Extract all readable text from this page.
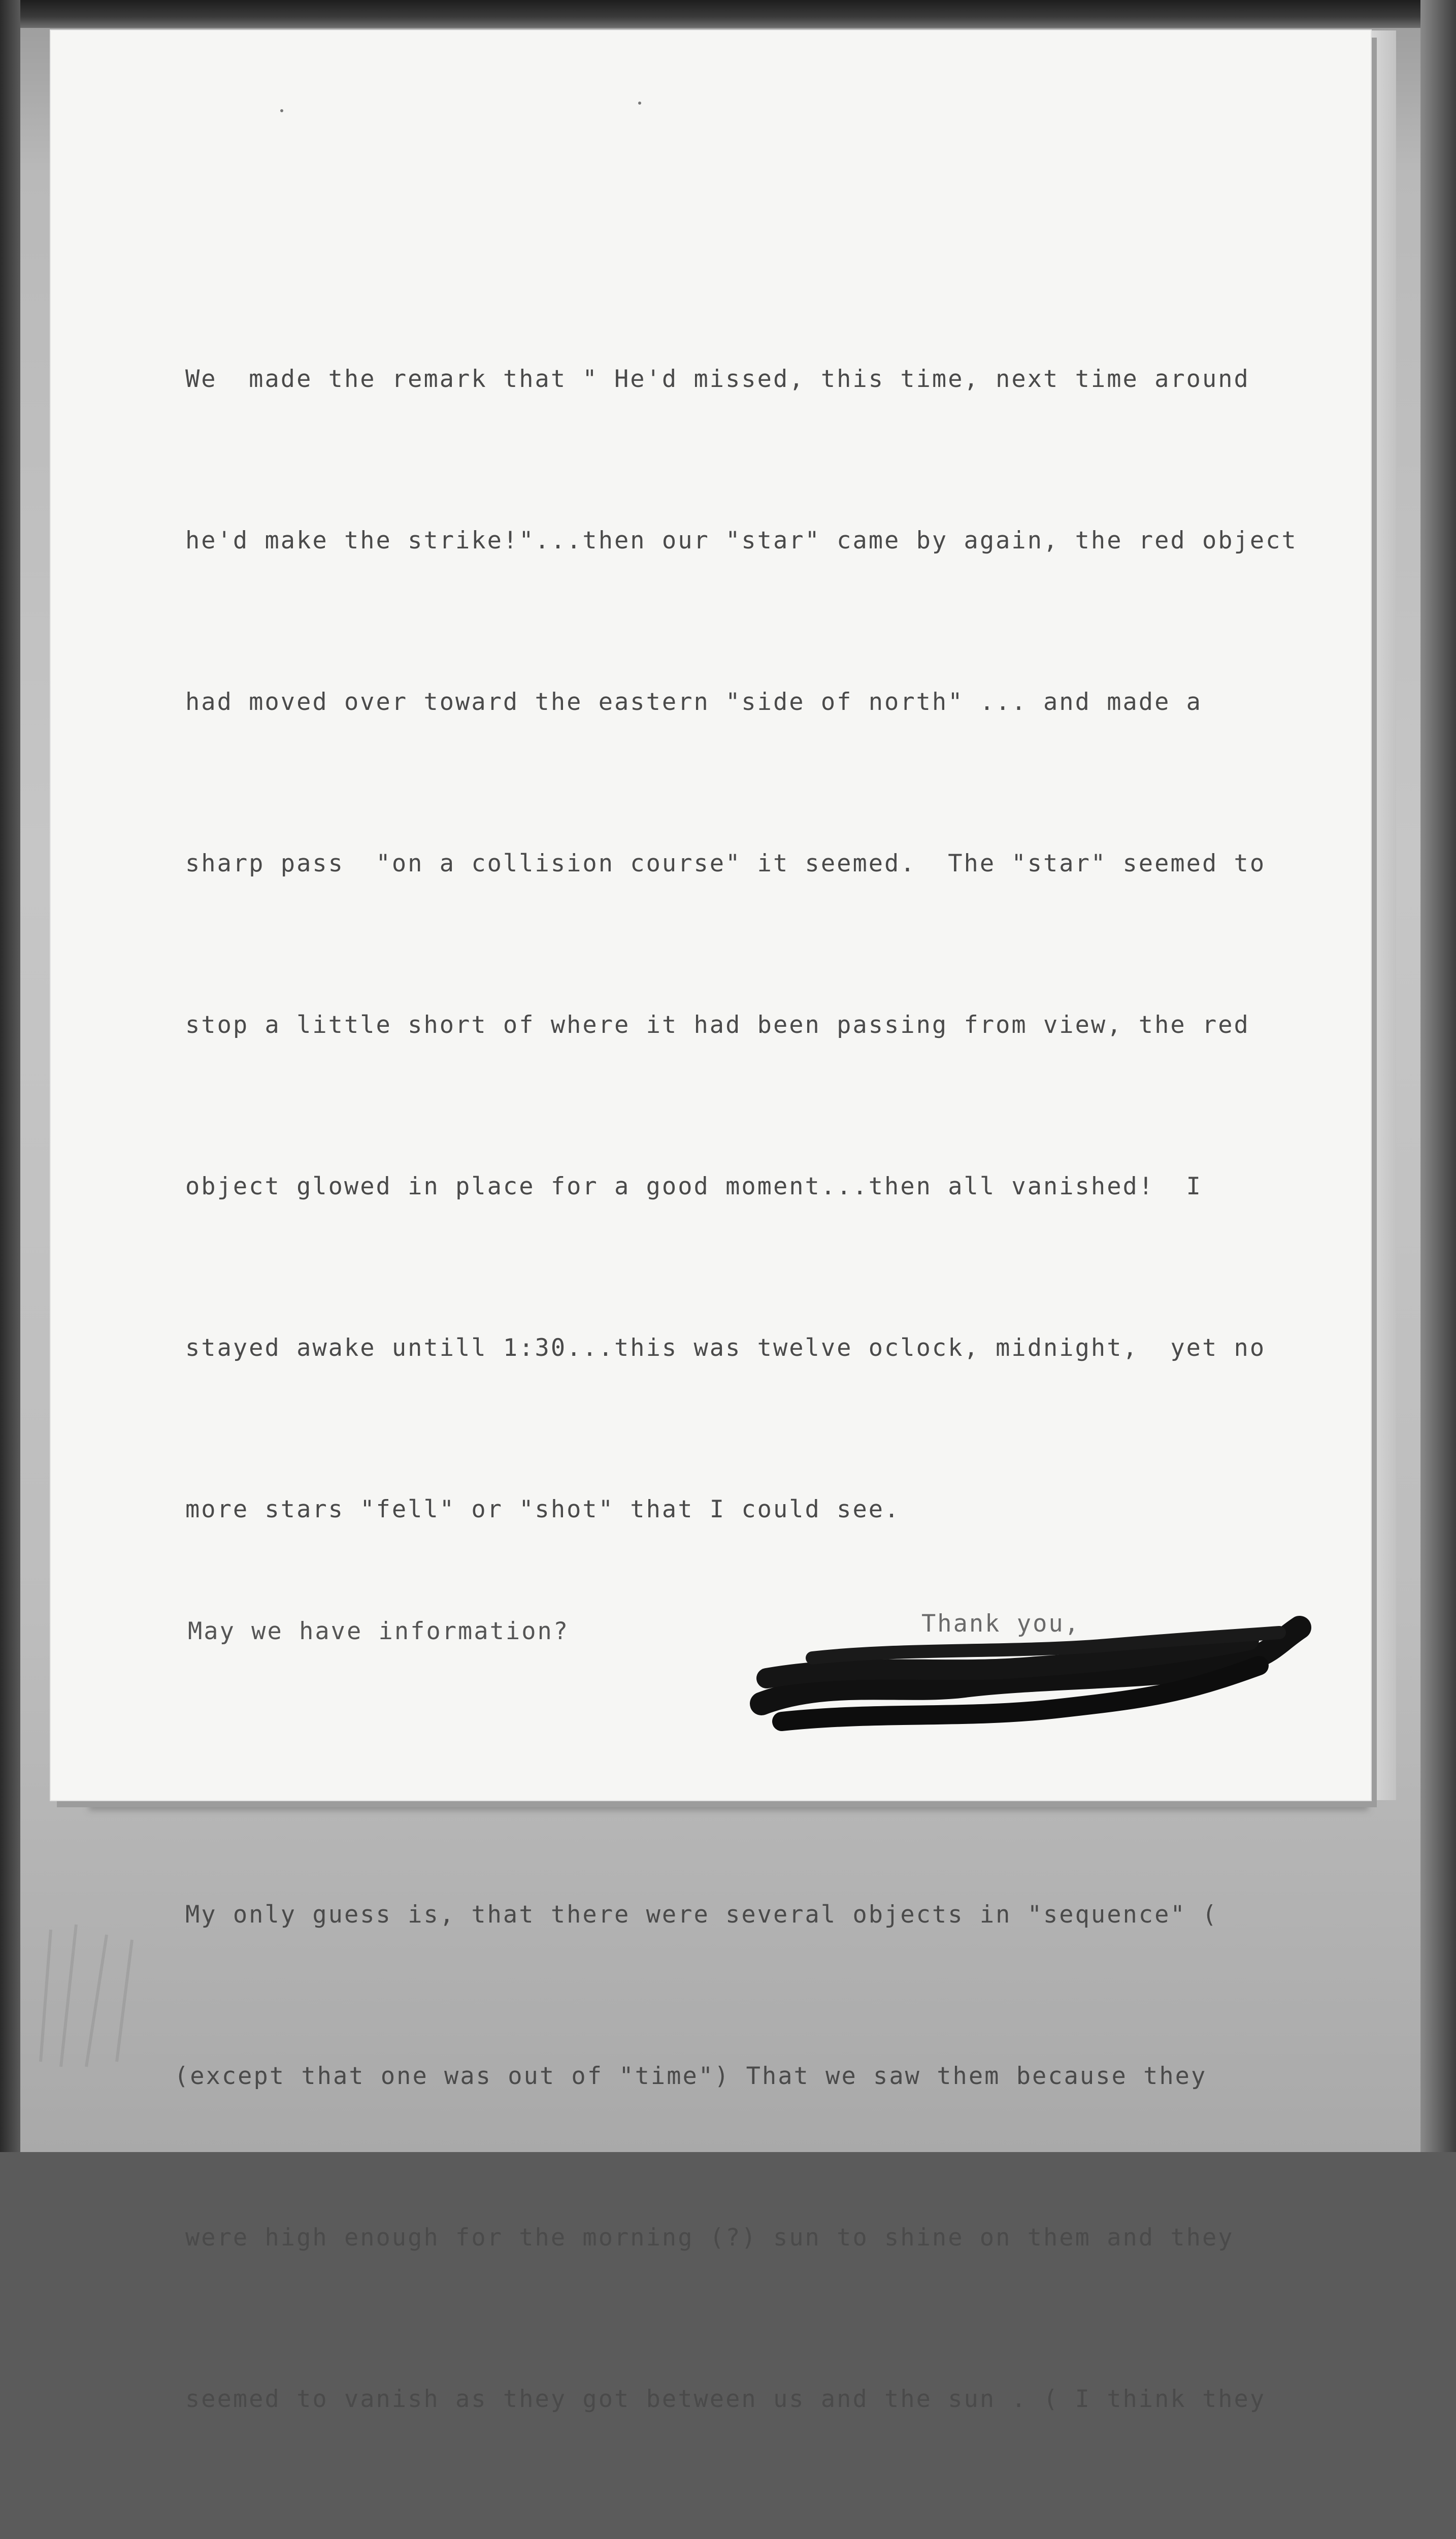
We  made the remark that " He'd missed, this time, next time around

he'd make the strike!"...then our "star" came by again, the red object

had moved over toward the eastern "side of north" ... and made a

sharp pass  "on a collision course" it seemed.  The "star" seemed to

stop a little short of where it had been passing from view, the red

object glowed in place for a good moment...then all vanished!  I

stayed awake untill 1:30...this was twelve oclock, midnight,  yet no

more stars "fell" or "shot" that I could see.

My only guess is, that there were several objects in "sequence" (

(except that one was out of "time") That we saw them because they

were high enough for the morning (?) sun to shine on them and they

seemed to vanish as they got between us and the sun . ( I think they

May we have information?	Thank you,
Mrs
